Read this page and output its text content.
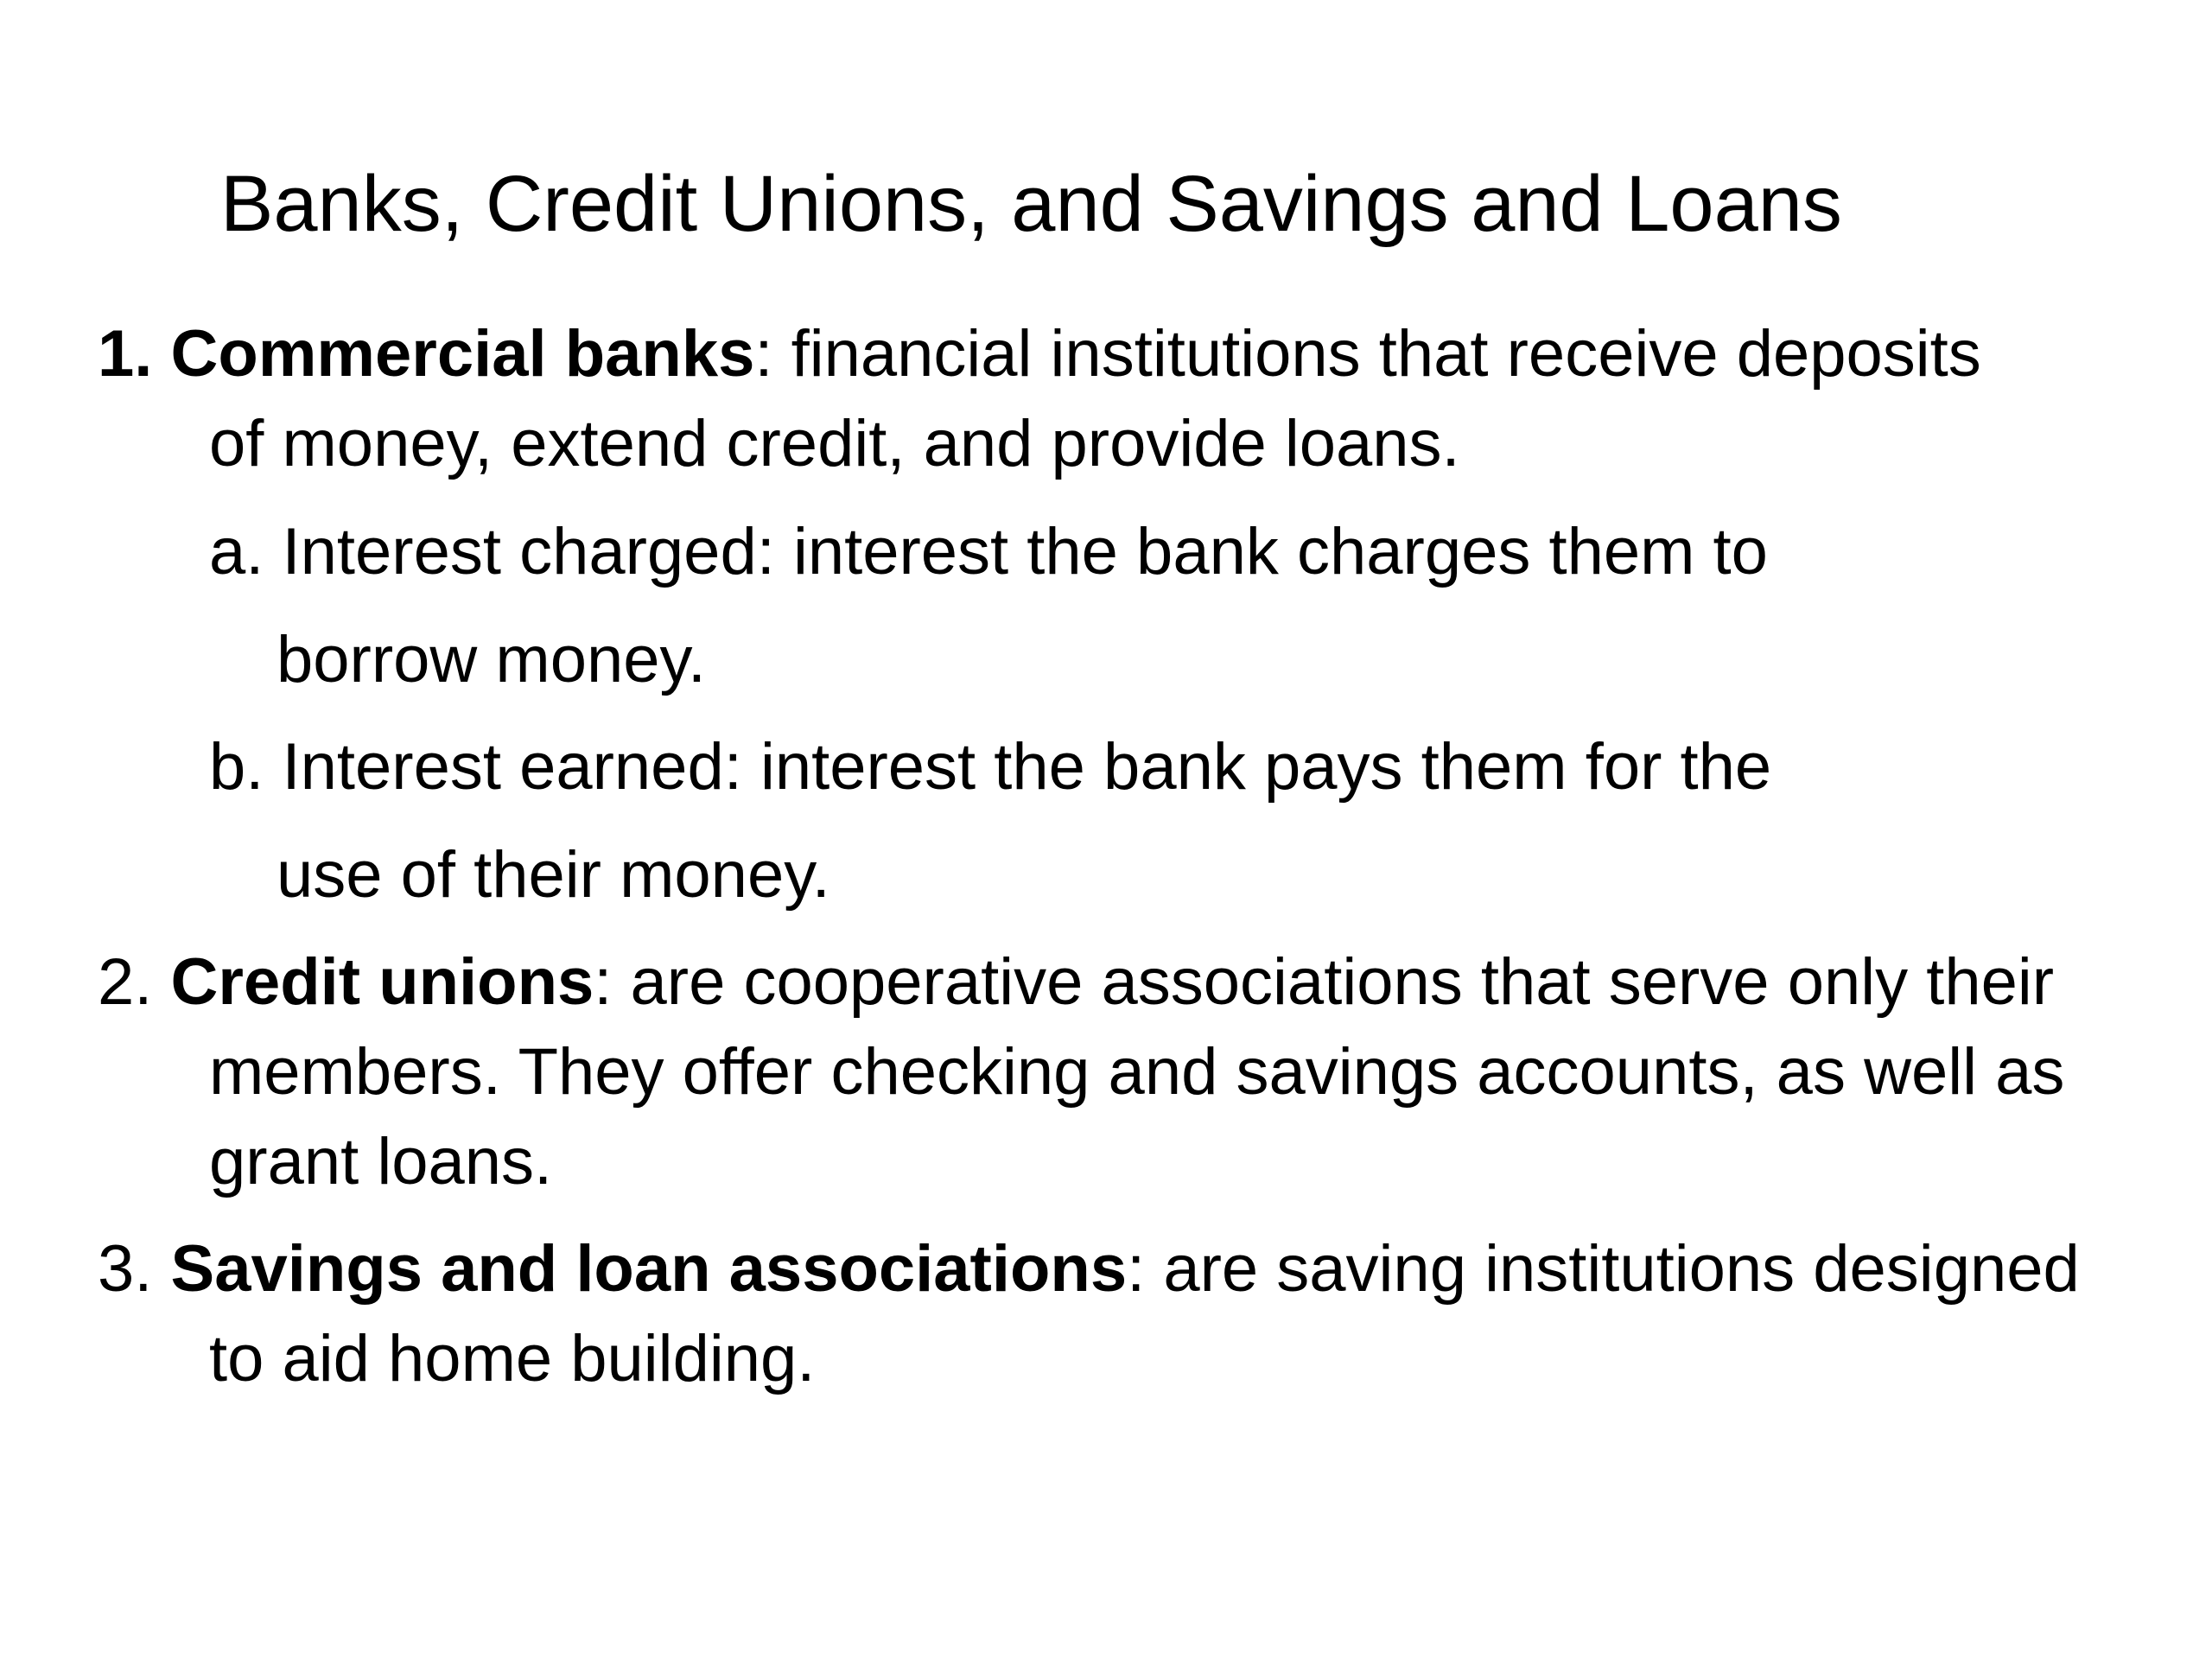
Banks, Credit Unions, and Savings and Loans

1. Commercial banks: financial institutions that receive deposits

of money, extend credit, and provide loans.

a. Interest charged: interest the bank charges them to

borrow money.

b. Interest earned: interest the bank pays them for the

use of their money.

2. Credit unions: are cooperative associations that serve only their

members. They offer checking and savings accounts, as well as

grant loans.

3. Savings and loan associations: are saving institutions designed

to aid home building.
